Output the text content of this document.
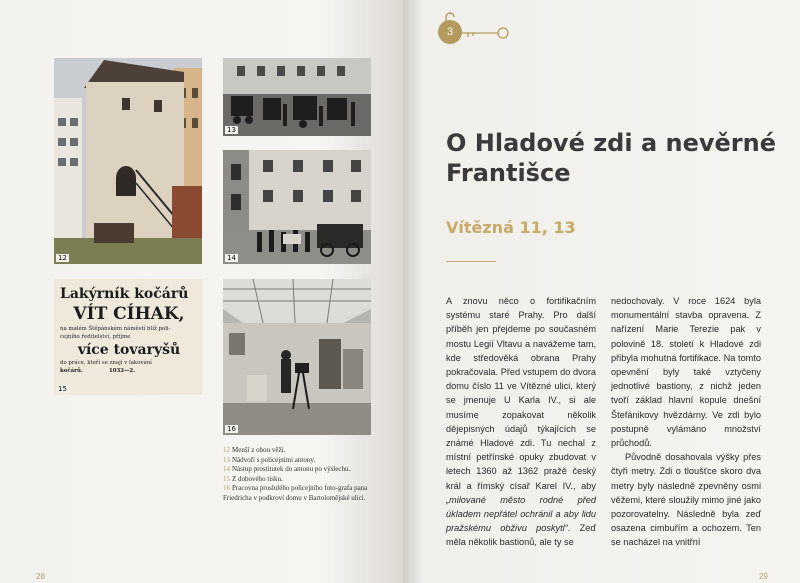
12
13
14
Lakýrník kočárů
VÍT CÍHAK,
na malém Štěpánském náměstí blíž poli-
cejního ředitelství, přijme
více tovaryšů
do práce, kteří se znají v lakování
kočárů.              1032—2.
15
16
12 Menší z obou věží.
13 Nádvoří s policejními antony.
14 Nástup prostitutek do antonu po výslechu.
15 Z dobového tisku.
16 Pracovna proslulého policejního foto-grafa pana Friedricha v podkroví domu v Bartolomějské ulici.
28
3
O Hladové zdi a nevěrné Františce
Vítězná 11, 13

A znovu něco o fortifikačním systému staré Prahy. Pro další příběh jen přejdeme po současném mostu Legií Vltavu a navážeme tam, kde středověká obrana Prahy pokračovala. Před vstupem do dvora domu číslo 11 ve Vítězné ulici, který se jmenuje U Karla IV., si ale musíme zopakovat několik dějepisných údajů týkajících se známé Hladové zdi. Tu nechal z místní petřínské opuky zbudovat v letech 1360 až 1362 pražě český král a římský císař Karel IV., aby „milované město rodné před úkladem nepřátel ochránil a aby lidu pražskému obživu poskytl“. Zeď měla několik bastionů, ale ty se

nedochovaly. V roce 1624 byla monumentální stavba opravena. Z nařízení Marie Terezie pak v polovině 18. století k Hladové zdi přibyla mohutná fortifikace. Na tomto opevnění byly také vztyčeny jednotlivé bastiony, z nichž jeden tvoří základ hlavní kopule dnešní Štefánikovy hvězdárny. Ve zdi bylo postupně vylámáno množství průchodů.

Původně dosahovala výšky přes čtyři metry. Zdi o tloušťce skoro dva metry byly následně zpevněny osmi věžemi, které sloužily mimo jiné jako pozorovatelny. Následně byla zeď osazena cimbuřím a ochozem. Ten se nacházel na vnitřní

29
